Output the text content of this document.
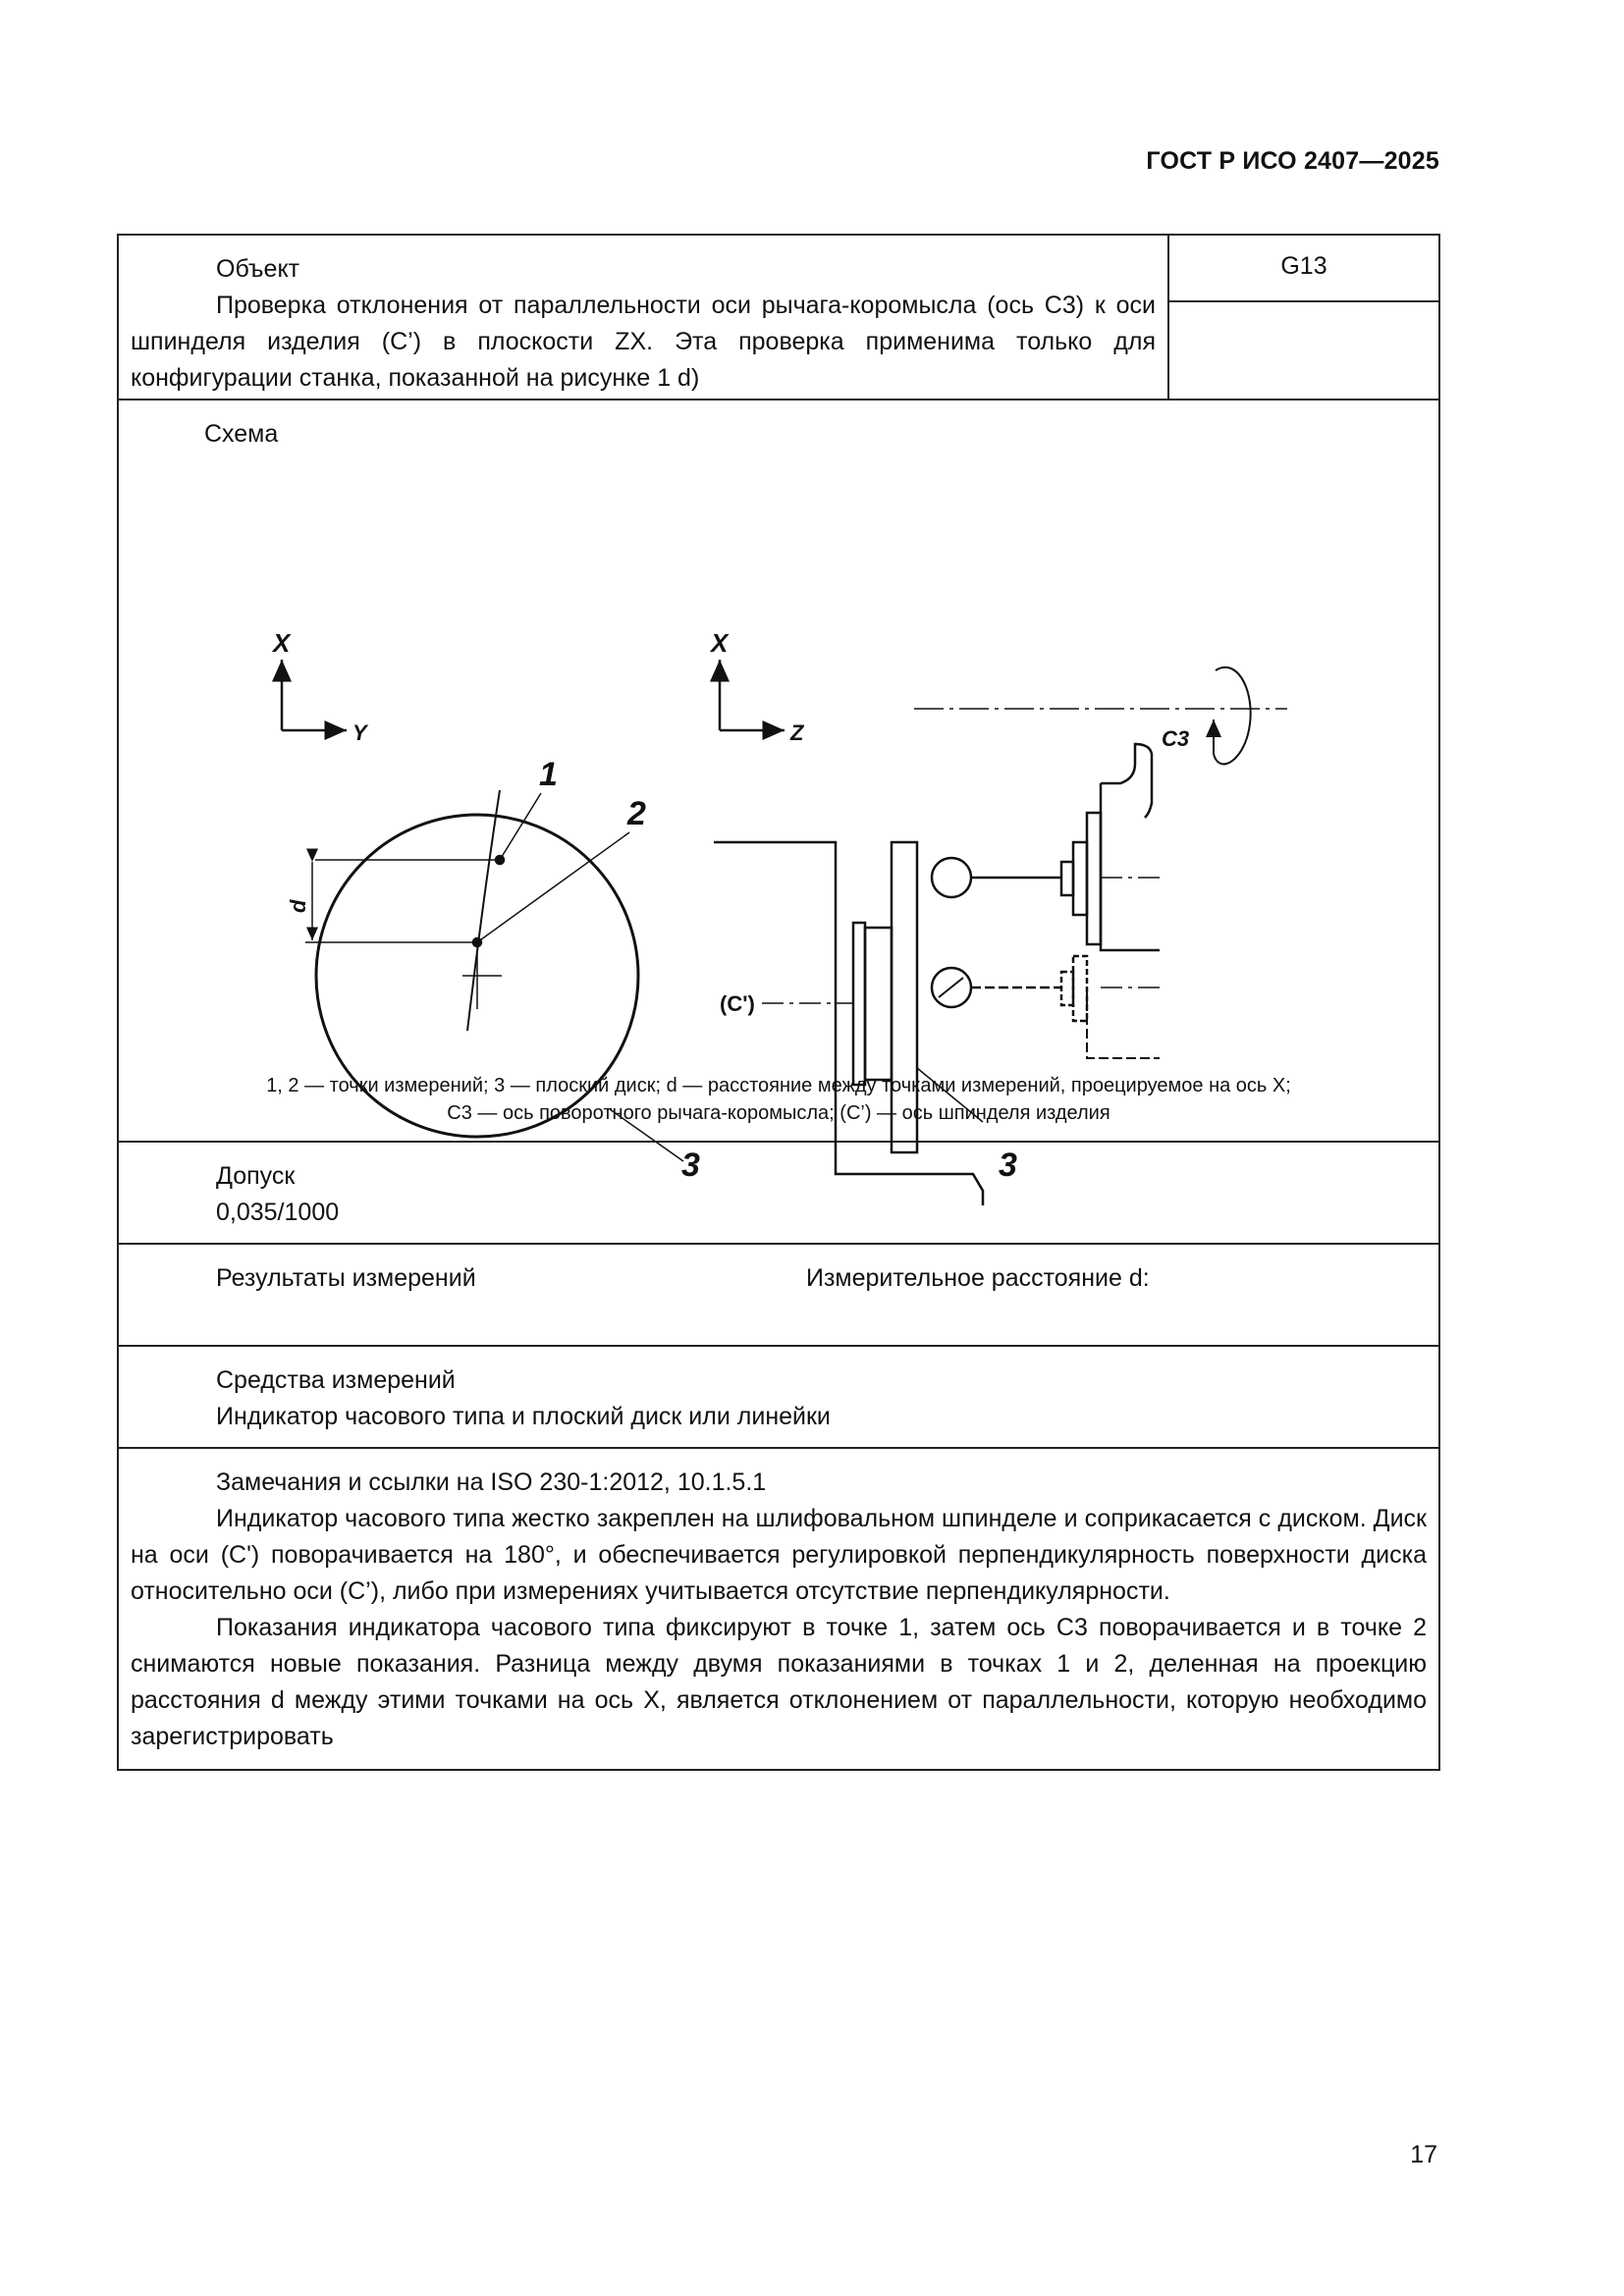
ГОСТ Р ИСО 2407—2025
Объект
Проверка отклонения от параллельности оси рычага-коромысла (ось C3) к оси шпинделя изделия (C’) в плоскости ZX. Эта проверка применима только для конфигурации станка, показанной на рисунке 1 d)
G13
Схема
X
Y
X
Z
1
2
3	3
d
(C')
C3
1, 2 — точки измерений; 3 — плоский диск; d — расстояние между точками измерений, проецируемое на ось X;
C3 — ось поворотного рычага-коромысла; (C’) — ось шпинделя изделия
Допуск
0,035/1000
Результаты измерений	Измерительное расстояние d:
Средства измерений
Индикатор часового типа и плоский диск или линейки
Замечания и ссылки на ISO 230-1:2012, 10.1.5.1
Индикатор часового типа жестко закреплен на шлифовальном шпинделе и соприкасается с диском. Диск на оси (C') поворачивается на 180°, и обеспечивается регулировкой перпендикулярность поверхности диска относительно оси (C’), либо при измерениях учитывается отсутствие перпендикулярности.
Показания индикатора часового типа фиксируют в точке 1, затем ось C3 поворачивается и в точке 2 снимаются новые показания. Разница между двумя показаниями в точках 1 и 2, деленная на проекцию расстояния d между этими точками на ось X, является отклонением от параллельности, которую необходимо зарегистрировать
17
